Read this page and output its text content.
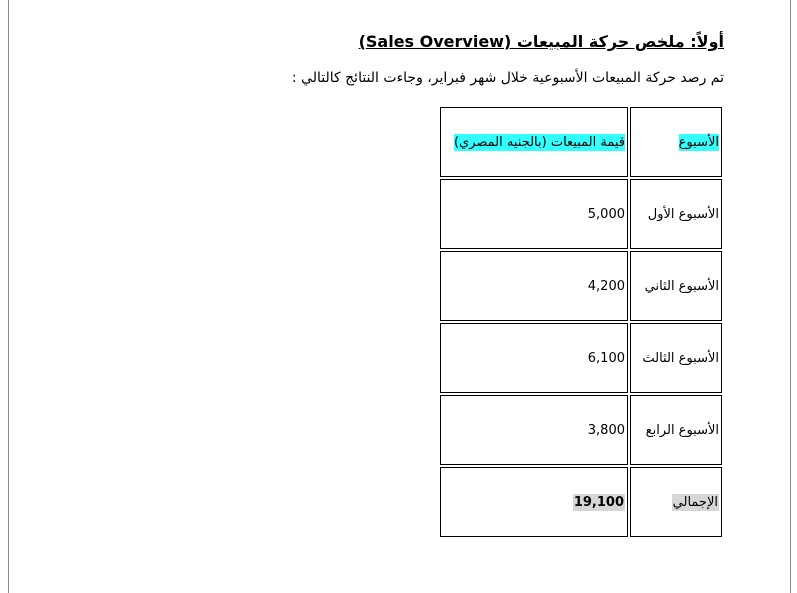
أولاً: ملخص حركة المبيعات (Sales Overview)
تم رصد حركة المبيعات الأسبوعية خلال شهر فبراير، وجاءت النتائج كالتالي :
قيمة المبيعات (بالجنيه المصري)	الأسبوع
5,000	الأسبوع الأول
4,200	الأسبوع الثاني
6,100	الأسبوع الثالث
3,800	الأسبوع الرابع
19,100	الإجمالي
